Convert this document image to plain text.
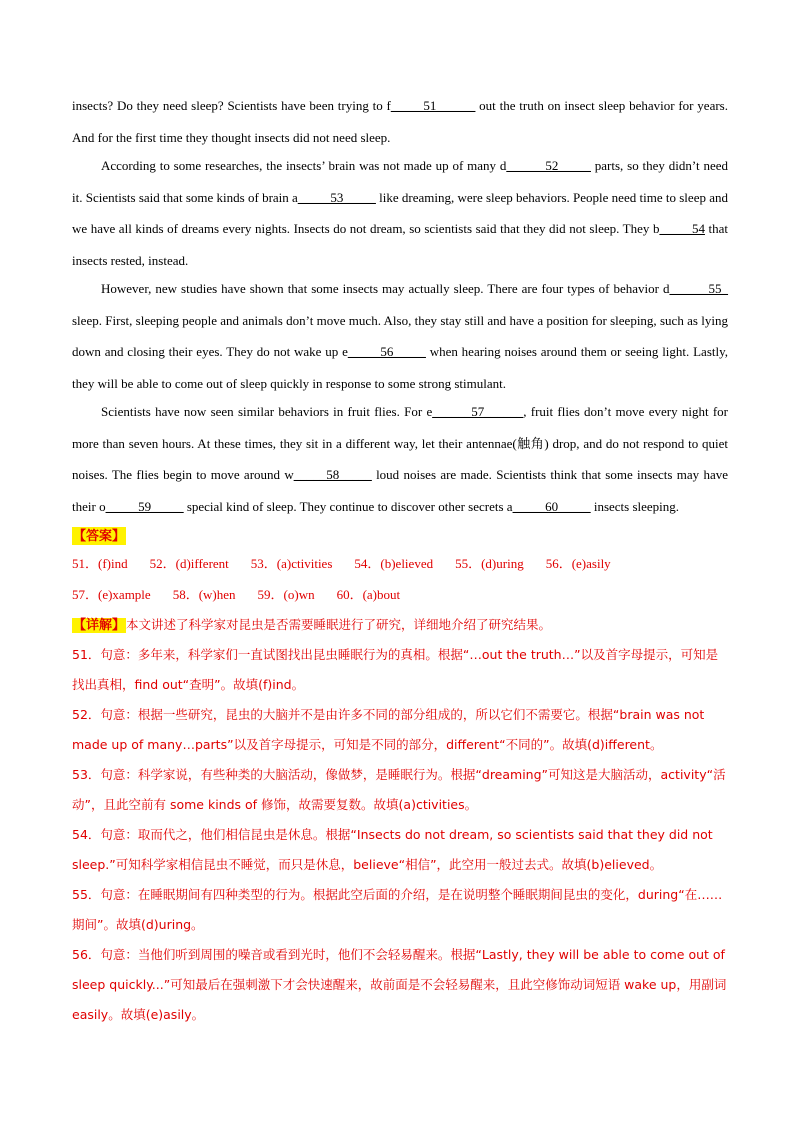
insects? Do they need sleep? Scientists have been trying to f_____51______ out the truth on insect sleep behavior for years. And for the first time they thought insects did not need sleep.

According to some researches, the insects’ brain was not made up of many d______52_____ parts, so they didn’t need it. Scientists said that some kinds of brain a_____53_____ like dreaming, were sleep behaviors. People need time to sleep and we have all kinds of dreams every nights. Insects do not dream, so scientists said that they did not sleep. They b_____54 that insects rested, instead.

However, new studies have shown that some insects may actually sleep. There are four types of behavior d______55_ sleep. First, sleeping people and animals don’t move much. Also, they stay still and have a position for sleeping, such as lying down and closing their eyes. They do not wake up e_____56_____ when hearing noises around them or seeing light. Lastly, they will be able to come out of sleep quickly in response to some strong stimulant.

Scientists have now seen similar behaviors in fruit flies. For e______57______, fruit flies don’t move every night for more than seven hours. At these times, they sit in a different way, let their antennae(触角) drop, and do not respond to quiet noises. The flies begin to move around w_____58_____ loud noises are made. Scientists think that some insects may have their o_____59_____ special kind of sleep. They continue to discover other secrets a_____60_____ insects sleeping.

【答案】

51．(f)ind 52．(d)ifferent 53．(a)ctivities 54．(b)elieved 55．(d)uring 56．(e)asily57．(e)xample 58．(w)hen 59．(o)wn 60．(a)bout

【详解】本文讲述了科学家对昆虫是否需要睡眠进行了研究，详细地介绍了研究结果。

51．句意：多年来，科学家们一直试图找出昆虫睡眠行为的真相。根据“…out the truth…”以及首字母提示，可知是找出真相，find out“查明”。故填(f)ind。

52．句意：根据一些研究，昆虫的大脑并不是由许多不同的部分组成的，所以它们不需要它。根据“brain was not made up of many…parts”以及首字母提示，可知是不同的部分，different“不同的”。故填(d)ifferent。

53．句意：科学家说，有些种类的大脑活动，像做梦，是睡眠行为。根据“dreaming”可知这是大脑活动，activity“活动”，且此空前有 some kinds of 修饰，故需要复数。故填(a)ctivities。

54．句意：取而代之，他们相信昆虫是休息。根据“Insects do not dream, so scientists said that they did not sleep.”可知科学家相信昆虫不睡觉，而只是休息，believe“相信”，此空用一般过去式。故填(b)elieved。

55．句意：在睡眠期间有四种类型的行为。根据此空后面的介绍，是在说明整个睡眠期间昆虫的变化，during“在……期间”。故填(d)uring。

56．句意：当他们听到周围的噪音或看到光时，他们不会轻易醒来。根据“Lastly, they will be able to come out of sleep quickly...”可知最后在强刺激下才会快速醒来，故前面是不会轻易醒来，且此空修饰动词短语 wake up，用副词 easily。故填(e)asily。
